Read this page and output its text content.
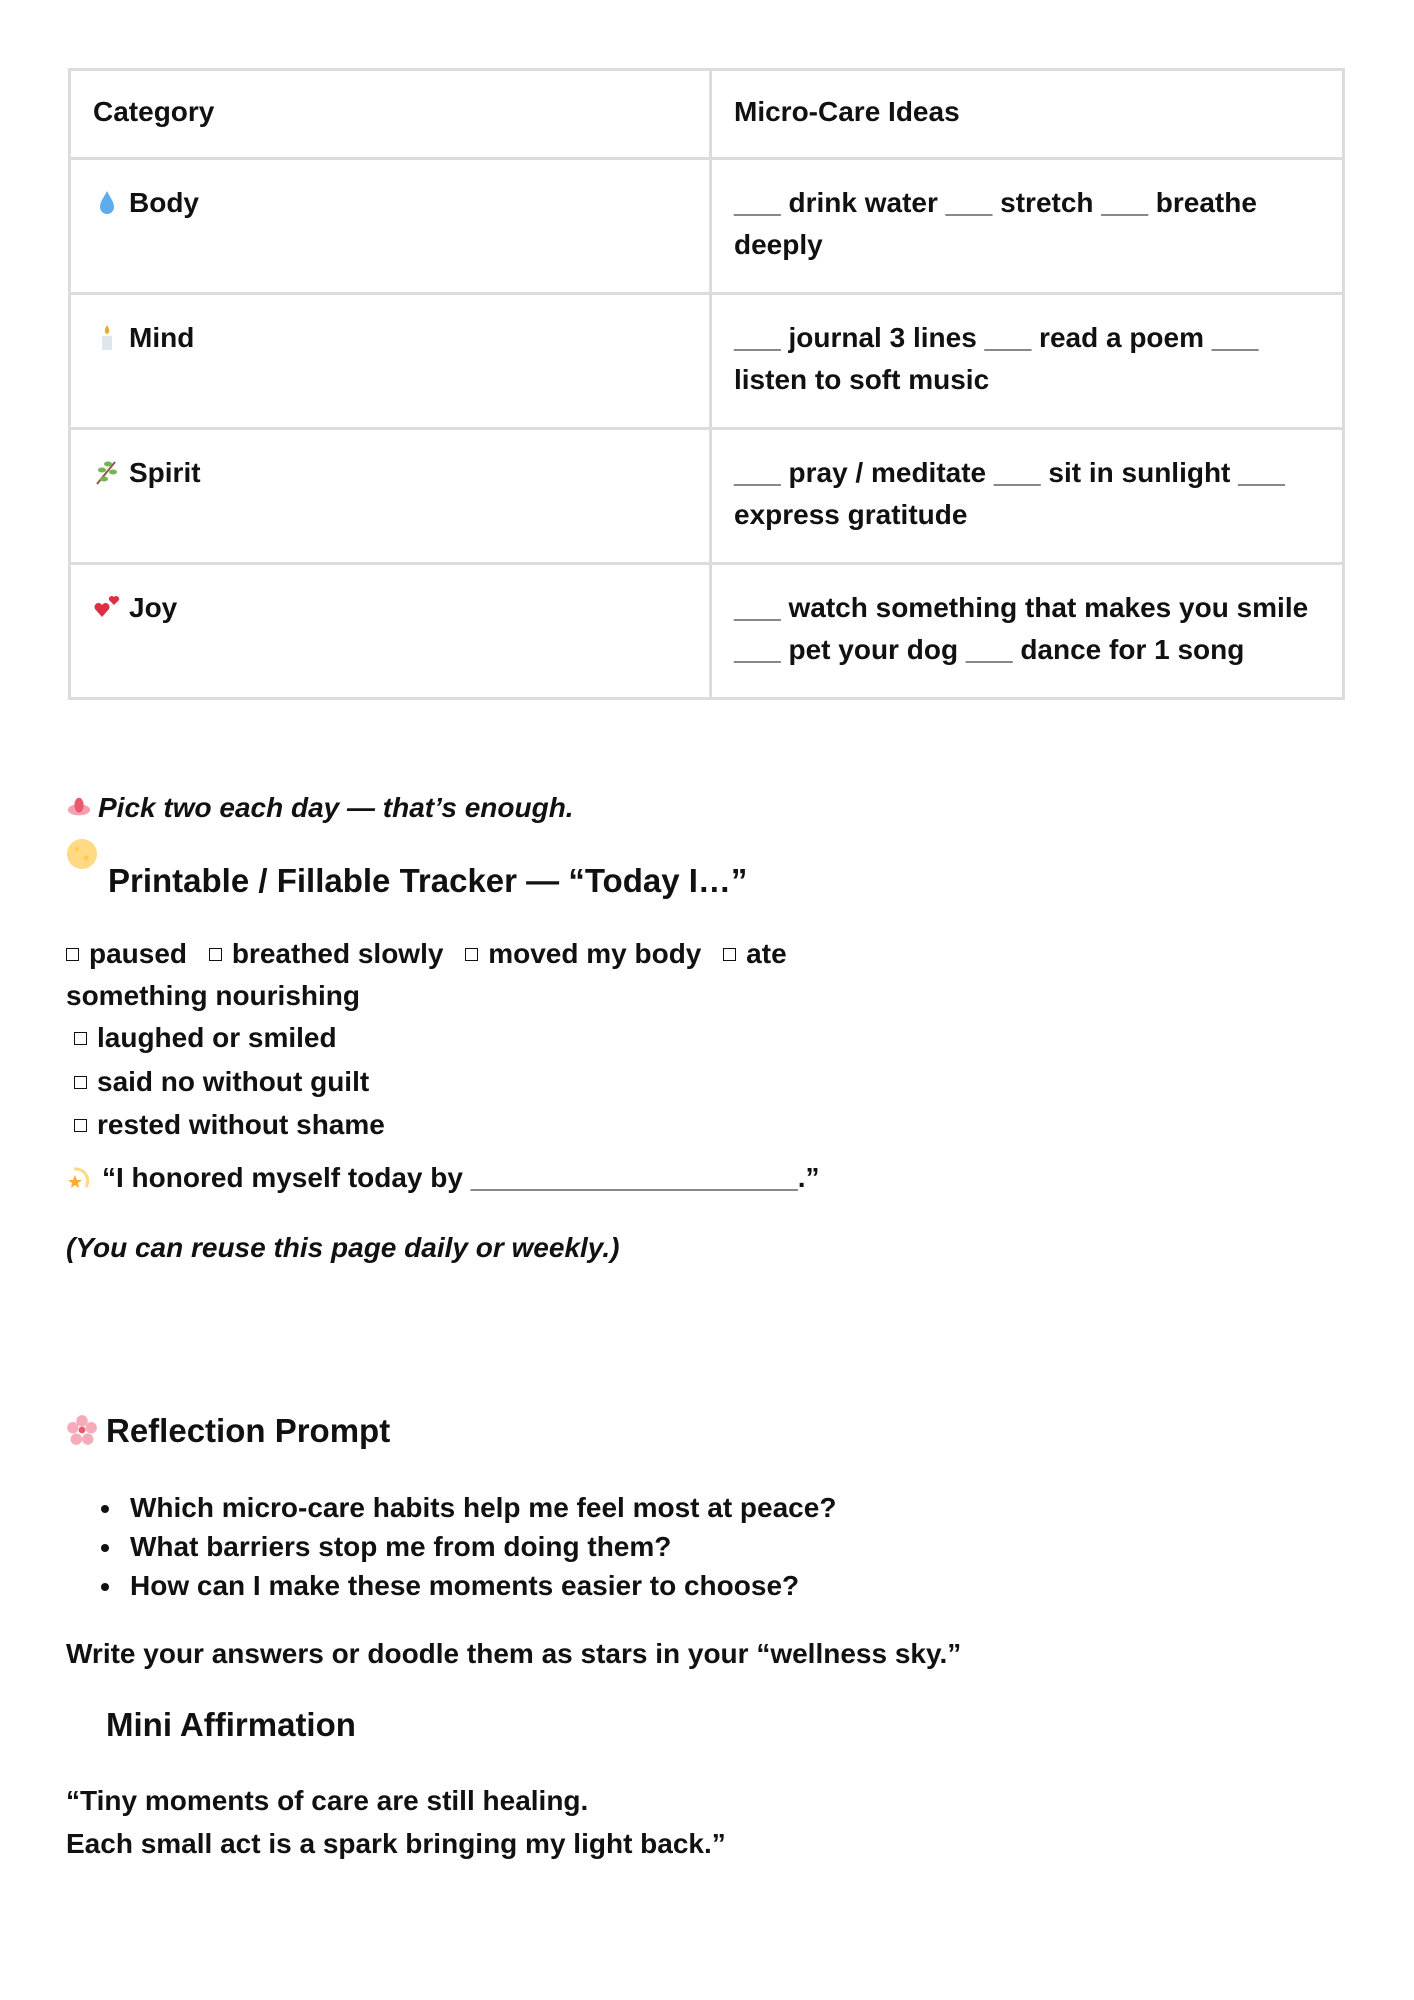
Category	Micro-Care Ideas
Body	___ drink water ___ stretch ___ breathe deeply
Mind	___ journal 3 lines ___ read a poem ___ listen to soft music
Spirit	___ pray / meditate ___ sit in sunlight ___ express gratitude
Joy	___ watch something that makes you smile ___ pet your dog ___ dance for 1 song
Pick two each day — that’s enough.
Printable / Fillable Tracker — “Today I…”
paused breathed slowly moved my body ate
something nourishing
laughed or smiled
said no without guilt
rested without shame
“I honored myself today by _____________________.”
(You can reuse this page daily or weekly.)
Reflection Prompt
• Which micro-care habits help me feel most at peace?
• What barriers stop me from doing them?
• How can I make these moments easier to choose?
Write your answers or doodle them as stars in your “wellness sky.”
Mini Affirmation
“Tiny moments of care are still healing.
Each small act is a spark bringing my light back.”
